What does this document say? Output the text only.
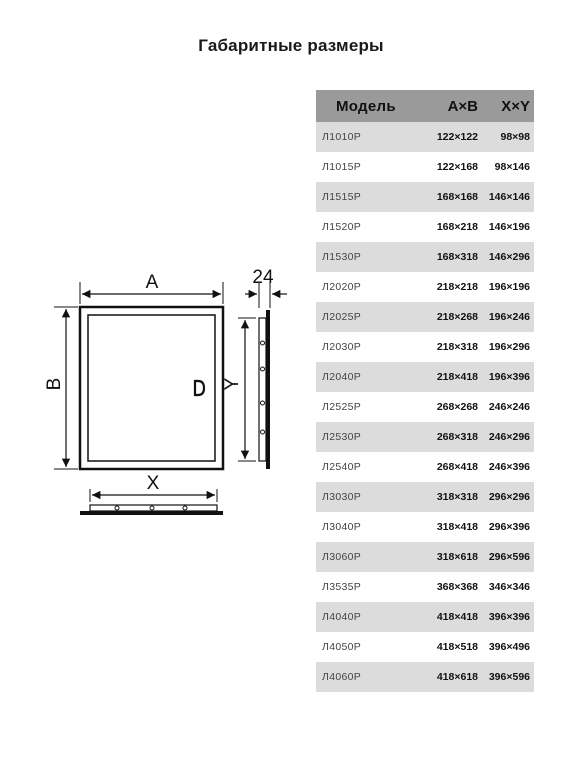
Габаритные размеры
A
B
X
Y
24
Модель	A×B	X×Y
Л1010Р	122×122	98×98
Л1015Р	122×168	98×146
Л1515Р	168×168	146×146
Л1520Р	168×218	146×196
Л1530Р	168×318	146×296
Л2020Р	218×218	196×196
Л2025Р	218×268	196×246
Л2030Р	218×318	196×296
Л2040Р	218×418	196×396
Л2525Р	268×268	246×246
Л2530Р	268×318	246×296
Л2540Р	268×418	246×396
Л3030Р	318×318	296×296
Л3040Р	318×418	296×396
Л3060Р	318×618	296×596
Л3535Р	368×368	346×346
Л4040Р	418×418	396×396
Л4050Р	418×518	396×496
Л4060Р	418×618	396×596
